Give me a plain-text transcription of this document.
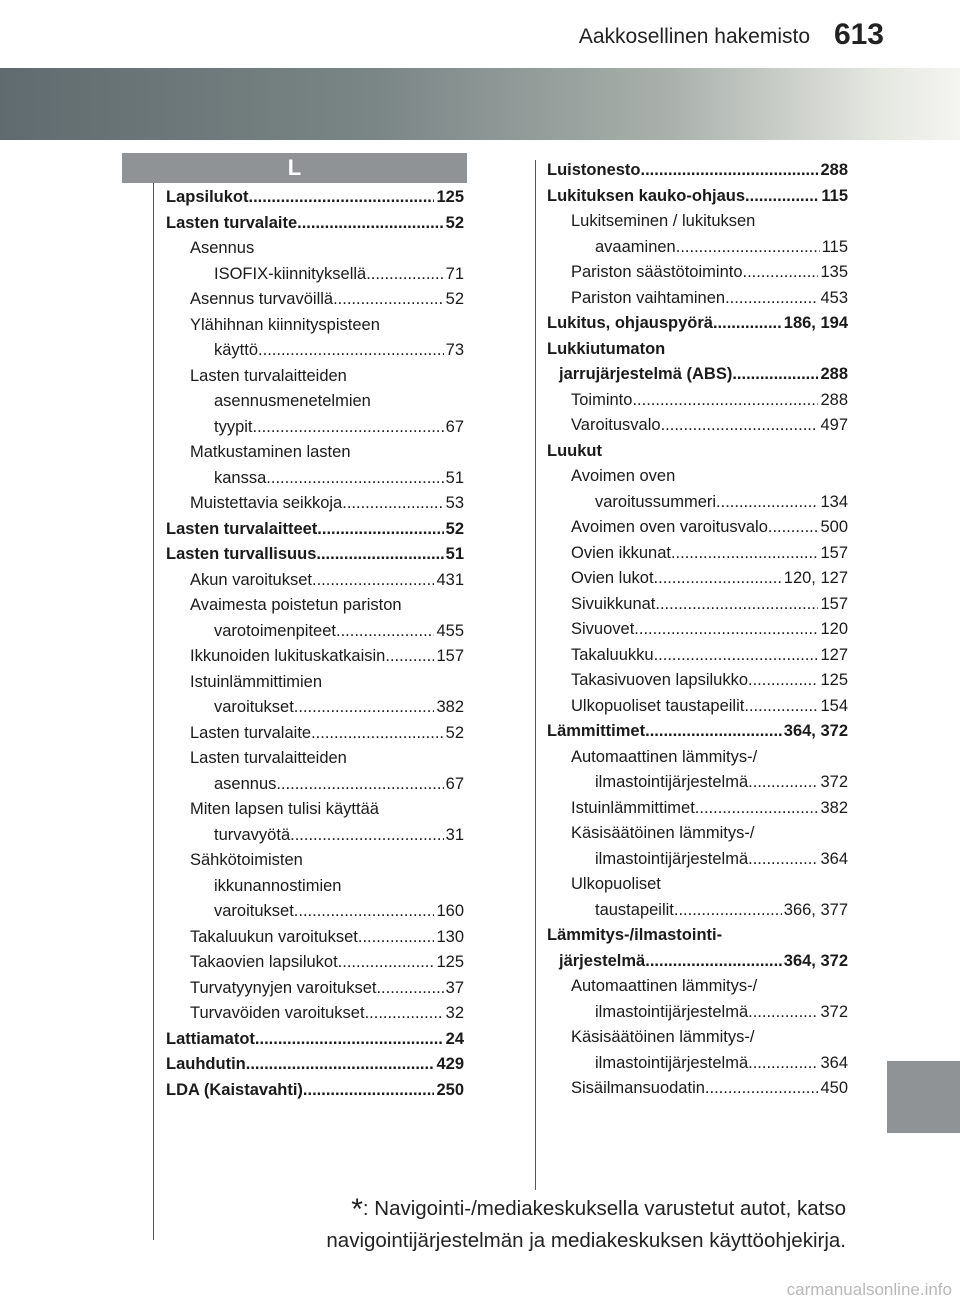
Aakkosellinen hakemisto 613
L
Lapsilukot .....	125
Lasten turvalaite .....	52
Asennus
ISOFIX-kiinnityksellä .....	71
Asennus turvavöillä .....	52
Ylähihnan kiinnityspisteen
käyttö .....	73
Lasten turvalaitteiden
asennusmenetelmien
tyypit .....	67
Matkustaminen lasten
kanssa .....	51
Muistettavia seikkoja .....	53
Lasten turvalaitteet .....	52
Lasten turvallisuus .....	51
Akun varoitukset .....	431
Avaimesta poistetun pariston
varotoimenpiteet .....	455
Ikkunoiden lukituskatkaisin .....	157
Istuinlämmittimien
varoitukset .....	382
Lasten turvalaite .....	52
Lasten turvalaitteiden
asennus .....	67
Miten lapsen tulisi käyttää
turvavyötä .....	31
Sähkötoimisten
ikkunannostimien
varoitukset .....	160
Takaluukun varoitukset .....	130
Takaovien lapsilukot .....	125
Turvatyynyjen varoitukset .....	37
Turvavöiden varoitukset .....	32
Lattiamatot .....	24
Lauhdutin .....	429
LDA (Kaistavahti) .....	250
Luistonesto .....	288
Lukituksen kauko-ohjaus .....	115
Lukitseminen / lukituksen
avaaminen .....	115
Pariston säästötoiminto .....	135
Pariston vaihtaminen .....	453
Lukitus, ohjauspyörä .....	186, 194
Lukkiutumaton
jarrujärjestelmä (ABS) .....	288
Toiminto .....	288
Varoitusvalo .....	497
Luukut
Avoimen oven
varoitussummeri .....	134
Avoimen oven varoitusvalo .....	500
Ovien ikkunat .....	157
Ovien lukot .....	120, 127
Sivuikkunat .....	157
Sivuovet .....	120
Takaluukku .....	127
Takasivuoven lapsilukko .....	125
Ulkopuoliset taustapeilit .....	154
Lämmittimet .....	364, 372
Automaattinen lämmitys-/
ilmastointijärjestelmä .....	372
Istuinlämmittimet .....	382
Käsisäätöinen lämmitys-/
ilmastointijärjestelmä .....	364
Ulkopuoliset
taustapeilit .....	366, 377
Lämmitys-/ilmastointi-
järjestelmä .....	364, 372
Automaattinen lämmitys-/
ilmastointijärjestelmä .....	372
Käsisäätöinen lämmitys-/
ilmastointijärjestelmä .....	364
Sisäilmansuodatin .....	450
*: Navigointi-/mediakeskuksella varustetut autot, katso
navigointijärjestelmän ja mediakeskuksen käyttöohjekirja.
carmanualsonline.info
